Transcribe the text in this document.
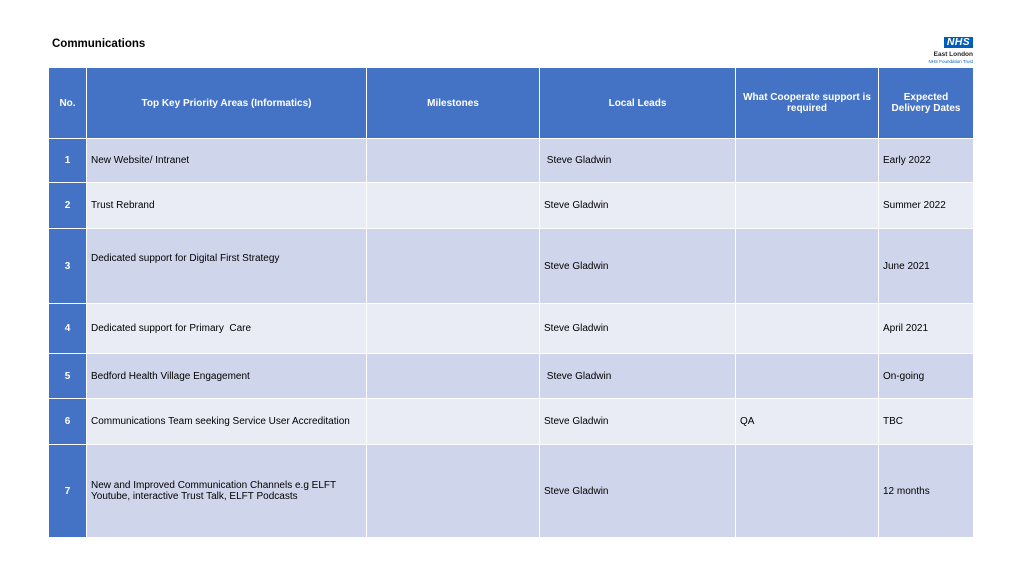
Communications	NHS
East London
NHS Foundation Trust
No.	Top Key Priority Areas (Informatics)	Milestones	Local Leads	What Cooperate support is required	Expected Delivery Dates
1	New Website/ Intranet		Steve Gladwin		Early 2022
2	Trust Rebrand		Steve Gladwin		Summer 2022
3	Dedicated support for Digital First Strategy		Steve Gladwin		June 2021
4	Dedicated support for Primary  Care		Steve Gladwin		April 2021
5	Bedford Health Village Engagement		Steve Gladwin		On-going
6	Communications Team seeking Service User Accreditation		Steve Gladwin	QA	TBC
7	New and Improved Communication Channels e.g ELFT Youtube, interactive Trust Talk, ELFT Podcasts		Steve Gladwin		12 months
